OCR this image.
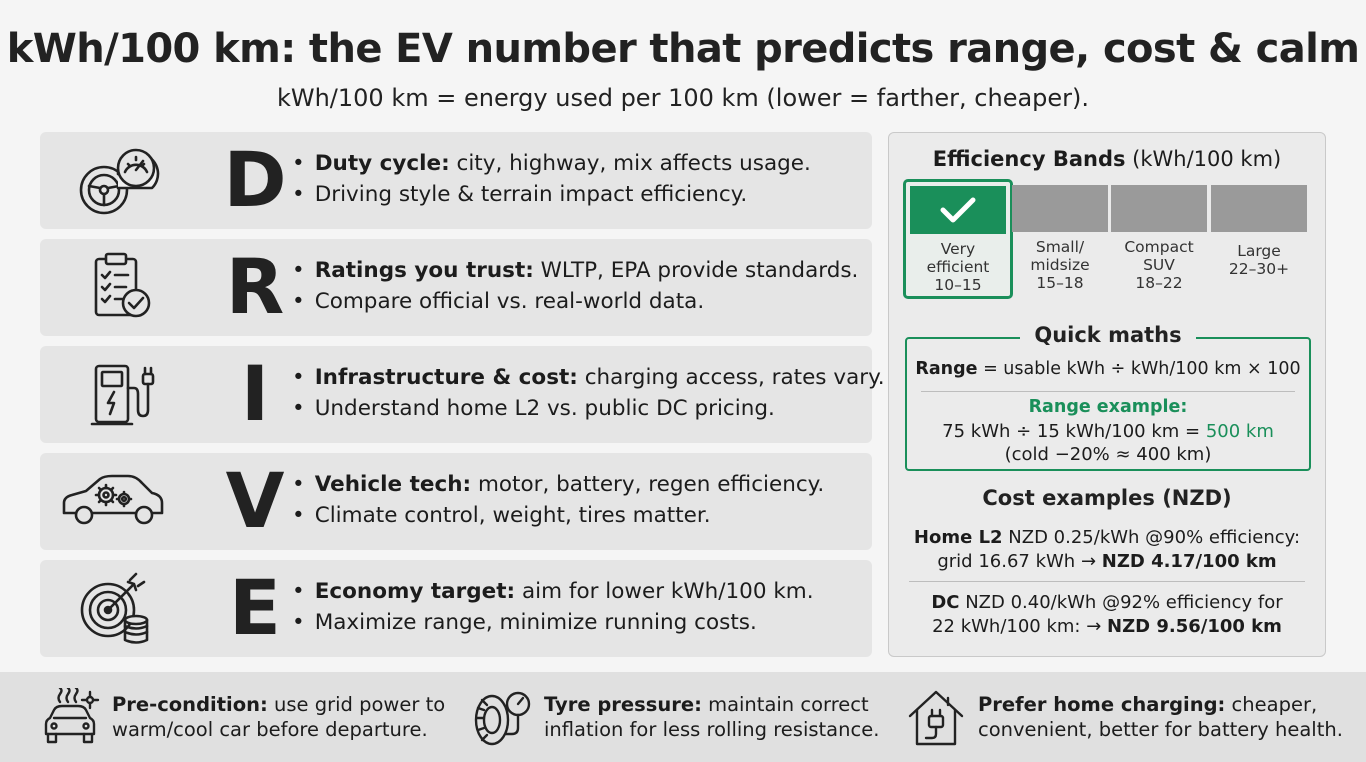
kWh/100 km: the EV number that predicts range, cost & calm
kWh/100 km = energy used per 100 km (lower = farther, cheaper).
D	• Duty cycle: city, highway, mix affects usage.
• Driving style & terrain impact efficiency.
R	• Ratings you trust: WLTP, EPA provide standards.
• Compare official vs. real-world data.
I	• Infrastructure & cost: charging access, rates vary.
• Understand home L2 vs. public DC pricing.
V	• Vehicle tech: motor, battery, regen efficiency.
• Climate control, weight, tires matter.
E	• Economy target: aim for lower kWh/100 km.
• Maximize range, minimize running costs.
Efficiency Bands (kWh/100 km)
Very
efficient
10–15
Small/
midsize
15–18
Compact
SUV
18–22
Large
22–30+
Quick maths
Range = usable kWh ÷ kWh/100 km × 100
Range example:
75 kWh ÷ 15 kWh/100 km = 500 km
(cold −20% ≈ 400 km)
Cost examples (NZD)
Home L2 NZD 0.25/kWh @90% efficiency:
grid 16.67 kWh → NZD 4.17/100 km
DC NZD 0.40/kWh @92% efficiency for
22 kWh/100 km: → NZD 9.56/100 km
Pre-condition: use grid power to
warm/cool car before departure.
Tyre pressure: maintain correct
inflation for less rolling resistance.
Prefer home charging: cheaper,
convenient, better for battery health.
